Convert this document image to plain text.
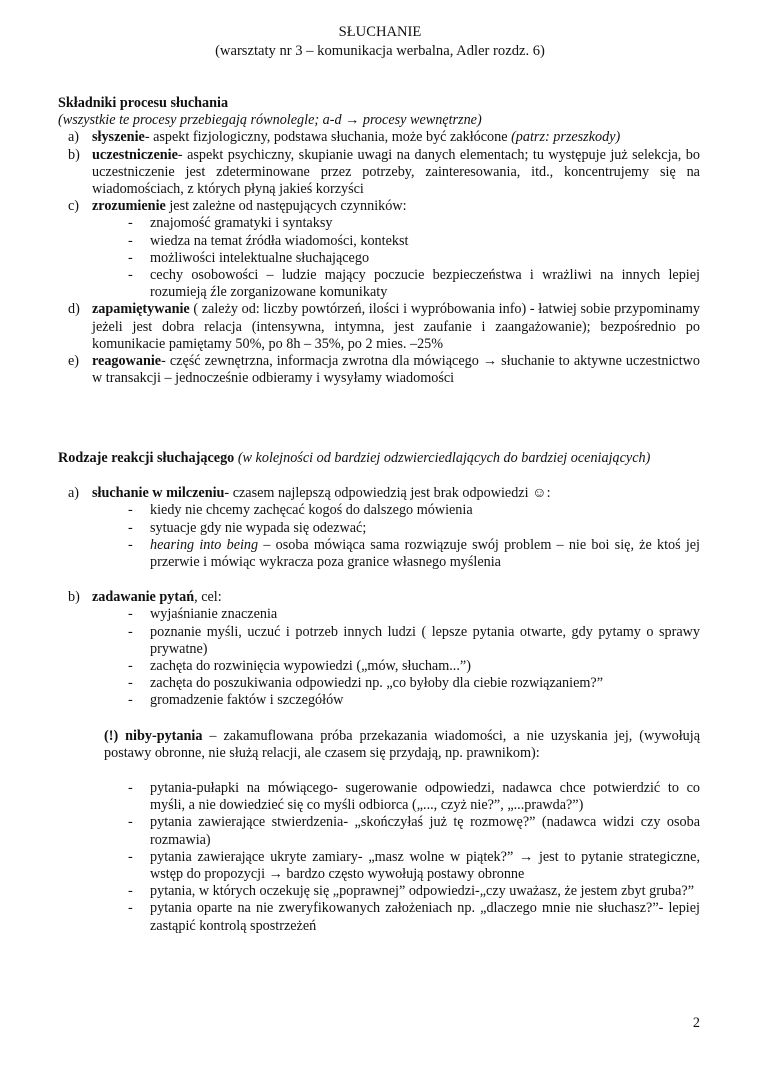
SŁUCHANIE
(warsztaty nr 3 – komunikacja werbalna, Adler rozdz. 6)
Składniki procesu słuchania
(wszystkie te procesy przebiegają równolegle; a-d → procesy wewnętrzne)
a) słyszenie- aspekt fizjologiczny, podstawa słuchania, może być zakłócone (patrz: przeszkody)
b) uczestniczenie- aspekt psychiczny, skupianie uwagi na danych elementach; tu występuje już selekcja, bo uczestniczenie jest zdeterminowane przez potrzeby, zainteresowania, itd., koncentrujemy się na wiadomościach, z których płyną jakieś korzyści
c) zrozumienie jest zależne od następujących czynników:
- znajomość gramatyki i syntaksy
- wiedza na temat źródła wiadomości, kontekst
- możliwości intelektualne słuchającego
- cechy osobowości – ludzie mający poczucie bezpieczeństwa i wrażliwi na innych lepiej rozumieją źle zorganizowane komunikaty
d) zapamiętywanie ( zależy od: liczby powtórzeń, ilości i wypróbowania info) - łatwiej sobie przypominamy jeżeli jest dobra relacja (intensywna, intymna, jest zaufanie i zaangażowanie); bezpośrednio po komunikacie pamiętamy 50%, po 8h – 35%, po 2 mies. –25%
e) reagowanie- część zewnętrzna, informacja zwrotna dla mówiącego → słuchanie to aktywne uczestnictwo w transakcji – jednocześnie odbieramy i wysyłamy wiadomości
Rodzaje reakcji słuchającego (w kolejności od bardziej odzwierciedlających do bardziej oceniających)
a) słuchanie w milczeniu- czasem najlepszą odpowiedzią jest brak odpowiedzi ☺:
- kiedy nie chcemy zachęcać kogoś do dalszego mówienia
- sytuacje gdy nie wypada się odezwać;
- hearing into being – osoba mówiąca sama rozwiązuje swój problem – nie boi się, że ktoś jej przerwie i mówiąc wykracza poza granice własnego myślenia
b) zadawanie pytań, cel:
- wyjaśnianie znaczenia
- poznanie myśli, uczuć i potrzeb innych ludzi ( lepsze pytania otwarte, gdy pytamy o sprawy prywatne)
- zachęta do rozwinięcia wypowiedzi („mów, słucham...”)
- zachęta do poszukiwania odpowiedzi np. „co byłoby dla ciebie rozwiązaniem?”
- gromadzenie faktów i szczegółów
(!) niby-pytania – zakamuflowana próba przekazania wiadomości, a nie uzyskania jej, (wywołują postawy obronne, nie służą relacji, ale czasem się przydają, np. prawnikom):
- pytania-pułapki na mówiącego- sugerowanie odpowiedzi, nadawca chce potwierdzić to co myśli, a nie dowiedzieć się co myśli odbiorca („..., czyż nie?”, „...prawda?”)
- pytania zawierające stwierdzenia- „skończyłaś już tę rozmowę?” (nadawca widzi czy osoba rozmawia)
- pytania zawierające ukryte zamiary- „masz wolne w piątek?” → jest to pytanie strategiczne, wstęp do propozycji → bardzo często wywołują postawy obronne
- pytania, w których oczekuję się „poprawnej” odpowiedzi-„czy uważasz, że jestem zbyt gruba?”
- pytania oparte na nie zweryfikowanych założeniach np. „dlaczego mnie nie słuchasz?”- lepiej zastąpić kontrolą spostrzeżeń
2
